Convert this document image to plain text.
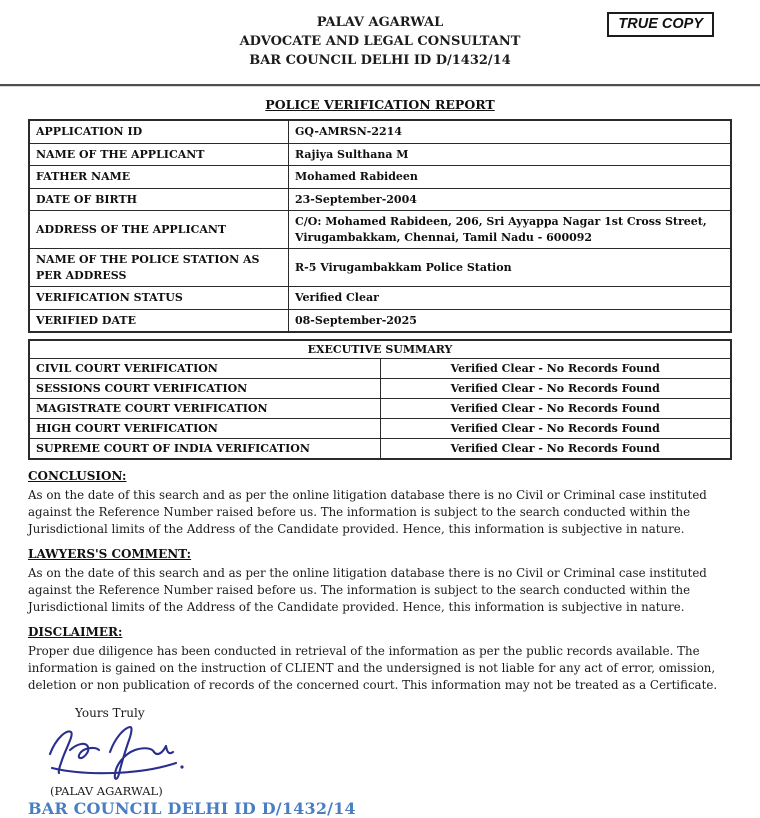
TRUE COPY
PALAV AGARWAL
ADVOCATE AND LEGAL CONSULTANT
BAR COUNCIL DELHI ID D/1432/14
POLICE VERIFICATION REPORT
APPLICATION ID	GQ-AMRSN-2214
NAME OF THE APPLICANT	Rajiya Sulthana M
FATHER NAME	Mohamed Rabideen
DATE OF BIRTH	23-September-2004
ADDRESS OF THE APPLICANT	C/O: Mohamed Rabideen, 206, Sri Ayyappa Nagar 1st Cross Street, Virugambakkam, Chennai, Tamil Nadu - 600092
NAME OF THE POLICE STATION AS PER ADDRESS	R-5 Virugambakkam Police Station
VERIFICATION STATUS	Verified Clear
VERIFIED DATE	08-September-2025
EXECUTIVE SUMMARY	
CIVIL COURT VERIFICATION	Verified Clear - No Records Found
SESSIONS COURT VERIFICATION	Verified Clear - No Records Found
MAGISTRATE COURT VERIFICATION	Verified Clear - No Records Found
HIGH COURT VERIFICATION	Verified Clear - No Records Found
SUPREME COURT OF INDIA VERIFICATION	Verified Clear - No Records Found
CONCLUSION:

As on the date of this search and as per the online litigation database there is no Civil or Criminal case instituted against the Reference Number raised before us. The information is subject to the search conducted within the Jurisdictional limits of the Address of the Candidate provided. Hence, this information is subjective in nature.

LAWYERS'S COMMENT:

As on the date of this search and as per the online litigation database there is no Civil or Criminal case instituted against the Reference Number raised before us. The information is subject to the search conducted within the Jurisdictional limits of the Address of the Candidate provided. Hence, this information is subjective in nature.

DISCLAIMER:

Proper due diligence has been conducted in retrieval of the information as per the public records available. The information is gained on the instruction of CLIENT and the undersigned is not liable for any act of error, omission, deletion or non publication of records of the concerned court. This information may not be treated as a Certificate.

Yours Truly
(PALAV AGARWAL)
BAR COUNCIL DELHI ID D/1432/14
